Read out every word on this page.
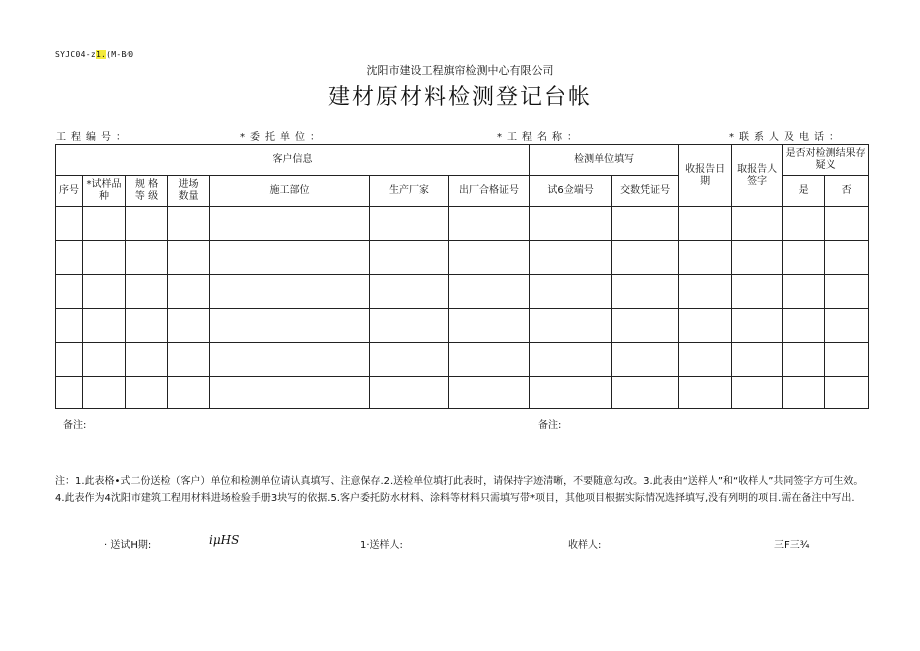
SYJC04-z1.(M-B⁄0
沈阳市建设工程旗帘检测中心有限公司
建材原材料检测登记台帐
工程编号：	*委托单位：	*工程名称：	*联系人及电话：
客户信息							检测单位填写		收报告日期	取报告人签字	是否对检测结果存疑义	
序号	*试样品种	规 格等 级	进场数量	施工部位	生产厂家	出厂合格证号	试6佥端号	交数凭证号			是	否

备注:	备注:
注：1.此表格•式二份送检（客户）单位和检测单位请认真填写、注意保存.2.送检单位填打此表时，请保持字迹清晰，不要随意勾改。3.此表由“送样人”和“收样人”共同签字方可生效。4.此表作为4沈阳市建筑工程用材料进场检验手册3块写的依据.5.客户委托防水材料、涂料等材料只需填写带*项目，其他项目根据实际情况选择填写,没有列明的项目.需在备注中写出.
· 送试H期:	iμHS	1·送样人:	收样人:	三F三¾
